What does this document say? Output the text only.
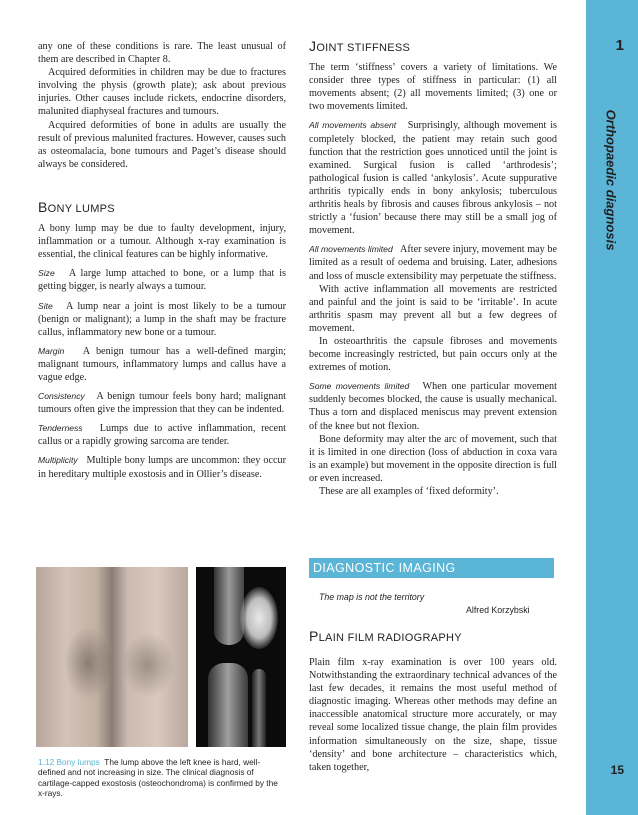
1
Orthopaedic diagnosis
15

any one of these conditions is rare. The least unusual of them are described in Chapter 8.

Acquired deformities in children may be due to fractures involving the physis (growth plate); ask about previous injuries. Other causes include rickets, endocrine disorders, malunited diaphyseal fractures and tumours.

Acquired deformities of bone in adults are usually the result of previous malunited fractures. However, causes such as osteomalacia, bone tumours and Paget’s disease should always be considered.

BONY LUMPS

A bony lump may be due to faulty development, injury, inflammation or a tumour. Although x-ray examination is essential, the clinical features can be highly informative.

Size A large lump attached to bone, or a lump that is getting bigger, is nearly always a tumour.

Site A lump near a joint is most likely to be a tumour (benign or malignant); a lump in the shaft may be fracture callus, inflammatory new bone or a tumour.

Margin A benign tumour has a well-defined margin; malignant tumours, inflammatory lumps and callus have a vague edge.

Consistency A benign tumour feels bony hard; malignant tumours often give the impression that they can be indented.

Tenderness Lumps due to active inflammation, recent callus or a rapidly growing sarcoma are tender.

Multiplicity Multiple bony lumps are uncommon: they occur in hereditary multiple exostosis and in Ollier’s disease.

1.12 Bony lumps The lump above the left knee is hard, well-defined and not increasing in size. The clinical diagnosis of cartilage-capped exostosis (osteochondroma) is confirmed by the x-rays.
JOINT STIFFNESS

The term ‘stiffness’ covers a variety of limitations. We consider three types of stiffness in particular: (1) all movements absent; (2) all movements limited; (3) one or two movements limited.

All movements absent Surprisingly, although movement is completely blocked, the patient may retain such good function that the restriction goes unnoticed until the joint is examined. Surgical fusion is called ‘arthrodesis’; pathological fusion is called ‘ankylosis’. Acute suppurative arthritis typically ends in bony ankylosis; tuberculous arthritis heals by fibrosis and causes fibrous ankylosis – not strictly a ‘fusion’ because there may still be a small jog of movement.

All movements limited After severe injury, movement may be limited as a result of oedema and bruising. Later, adhesions and loss of muscle extensibility may perpetuate the stiffness.

With active inflammation all movements are restricted and painful and the joint is said to be ‘irritable’. In acute arthritis spasm may prevent all but a few degrees of movement.

In osteoarthritis the capsule fibroses and movements become increasingly restricted, but pain occurs only at the extremes of motion.

Some movements limited When one particular movement suddenly becomes blocked, the cause is usually mechanical. Thus a torn and displaced meniscus may prevent extension of the knee but not flexion.

Bone deformity may alter the arc of movement, such that it is limited in one direction (loss of abduction in coxa vara is an example) but movement in the opposite direction is full or even increased.

These are all examples of ‘fixed deformity’.

DIAGNOSTIC IMAGING
The map is not the territory
Alfred Korzybski
PLAIN FILM RADIOGRAPHY

Plain film x-ray examination is over 100 years old. Notwithstanding the extraordinary technical advances of the last few decades, it remains the most useful method of diagnostic imaging. Whereas other methods may define an inaccessible anatomical structure more accurately, or may reveal some localized tissue change, the plain film provides information simultaneously on the size, shape, tissue ‘density’ and bone architecture – characteristics which, taken together,
